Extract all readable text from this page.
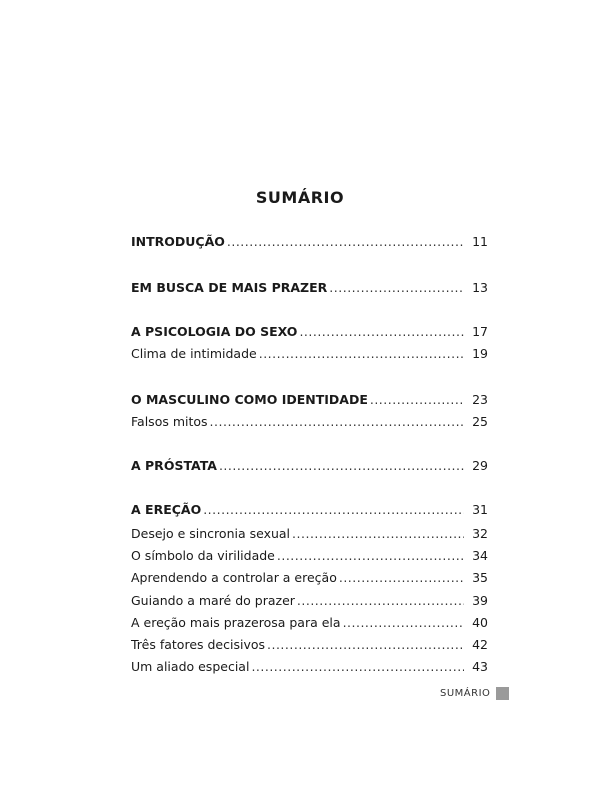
SUMÁRIO
INTRODUÇÃO .....	11
EM BUSCA DE MAIS PRAZER .....	13
A PSICOLOGIA DO SEXO .....	17
Clima de intimidade .....	19
O MASCULINO COMO IDENTIDADE .....	23
Falsos mitos .....	25
A PRÓSTATA .....	29
A EREÇÃO .....	31
Desejo e sincronia sexual .....	32
O símbolo da virilidade .....	34
Aprendendo a controlar a ereção .....	35
Guiando a maré do prazer .....	39
A ereção mais prazerosa para ela .....	40
Três fatores decisivos .....	42
Um aliado especial .....	43
SUMÁRIO
